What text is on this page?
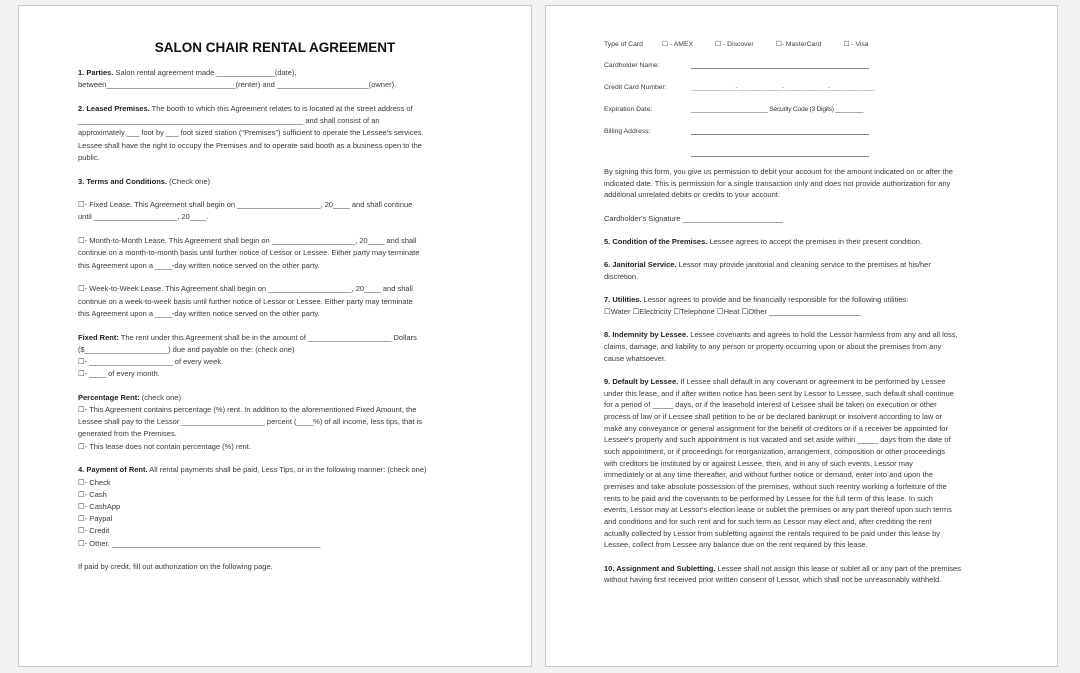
SALON CHAIR RENTAL AGREEMENT
1. Parties. Salon rental agreement made ______________(date),
between_______________________________(renter) and ______________________(owner).
2. Leased Premises. The booth to which this Agreement relates to is located at the street address of
______________________________________________________ and shall consist of an
approximately ___ foot by ___ foot sized station ("Premises") sufficient to operate the Lessee's services.
Lessee shall have the right to occupy the Premises and to operate said booth as a business open to the
public.
3. Terms and Conditions. (Check one)
☐- Fixed Lease. This Agreement shall begin on ____________________, 20____ and shall continue
until ____________________, 20____.
☐- Month-to-Month Lease. This Agreement shall begin on ____________________, 20____ and shall
continue on a month-to-month basis until further notice of Lessor or Lessee. Either party may terminate
this Agreement upon a ____-day written notice served on the other party.
☐- Week-to-Week Lease. This Agreement shall begin on ____________________, 20____ and shall
continue on a week-to-week basis until further notice of Lessor or Lessee. Either party may terminate
this Agreement upon a ____-day written notice served on the other party.
Fixed Rent: The rent under this Agreement shall be in the amount of ____________________ Dollars
($____________________) due and payable on the: (check one)
☐- ____________________ of every week.
☐- ____ of every month.
Percentage Rent: (check one)
☐- This Agreement contains percentage (%) rent. In addition to the aforementioned Fixed Amount, the
Lessee shall pay to the Lessor ____________________ percent (____%) of all income, less tips, that is
generated from the Premises.
☐- This lease does not contain percentage (%) rent.
4. Payment of Rent. All rental payments shall be paid, Less Tips, or in the following manner: (check one)
☐- Check
☐- Cash
☐- CashApp
☐- Paypal
☐- Credit
☐- Other. __________________________________________________
If paid by credit, fill out authorization on the following page.
Type of Card	☐ - AMEX	☐ - Discover	☐- MasterCard	☐ - Visa
Cardholder Name:
Credit Card Number:	______________-______________-______________-______________
Expiration Date:	______________________ Security Code (3 Digits) ________
Billing Address:
By signing this form, you give us permission to debit your account for the amount indicated on or after the
indicated date. This is permission for a single transaction only and does not provide authorization for any
additional unrelated debits or credits to your account.
Cardholder's Signature ________________________
5. Condition of the Premises. Lessee agrees to accept the premises in their present condition.
6. Janitorial Service. Lessor may provide janitorial and cleaning service to the premises at his/her
discretion.
7. Utilities. Lessor agrees to provide and be financially responsible for the following utilities:
☐Water ☐Electricity ☐Telephone ☐Heat ☐Other ______________________
8. Indemnity by Lessee. Lessee covenants and agrees to hold the Lessor harmless from any and all loss,
claims, damage, and liability to any person or property occurring upon or about the premises from any
cause whatsoever.
9. Default by Lessee. If Lessee shall default in any covenant or agreement to be performed by Lessee
under this lease, and if after written notice has been sent by Lessor to Lessee, such default shall continue
for a period of _____ days, or if the leasehold interest of Lessee shall be taken on execution or other
process of law or if Lessee shall petition to be or be declared bankrupt or insolvent according to law or
make any conveyance or general assignment for the benefit of creditors or if a receiver be appointed for
Lessee's property and such appointment is not vacated and set aside within _____ days from the date of
such appointment, or if proceedings for reorganization, arrangement, composition or other proceedings
with creditors be instituted by or against Lessee, then, and in any of such events, Lessor may
immediately or at any time thereafter, and without further notice or demand, enter into and upon the
premises and take absolute possession of the premises, without such reentry working a forfeiture of the
rents to be paid and the covenants to be performed by Lessee for the full term of this lease. In such
events, Lessor may at Lessor's election lease or sublet the premises or any part thereof upon such terms
and conditions and for such rent and for such term as Lessor may elect and, after crediting the rent
actually collected by Lessor from subletting against the rentals required to be paid under this lease by
Lessee, collect from Lessee any balance due on the rent required by this lease.
10. Assignment and Subletting. Lessee shall not assign this lease or sublet all or any part of the premises
without having first received prior written consent of Lessor, which shall not be unreasonably withheld.
